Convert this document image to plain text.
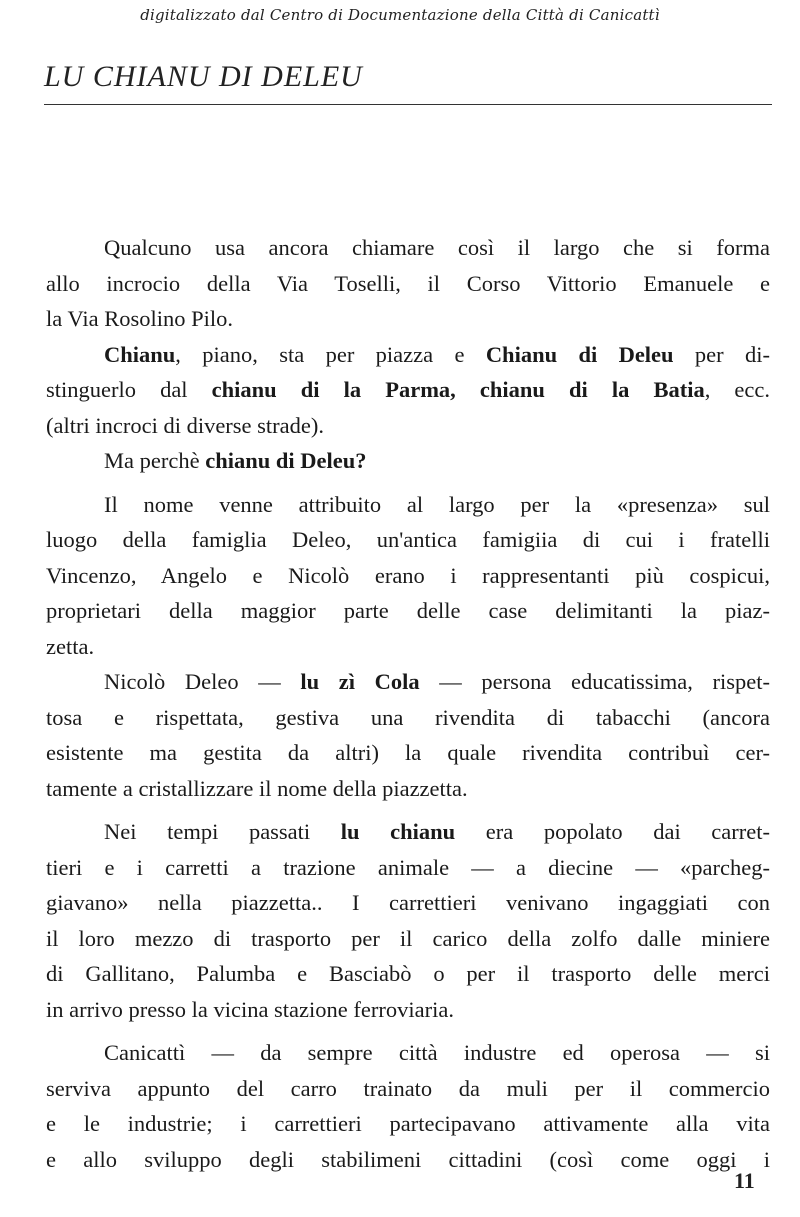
digitalizzato dal Centro di Documentazione della Città di Canicattì
LU CHIANU DI DELEU
Qualcuno usa ancora chiamare così il largo che si forma
allo incrocio della Via Toselli, il Corso Vittorio Emanuele e
la Via Rosolino Pilo.
Chianu, piano, sta per piazza e Chianu di Deleu per di-
stinguerlo dal chianu di la Parma, chianu di la Batia, ecc.
(altri incroci di diverse strade).
Ma perchè chianu di Deleu?
Il nome venne attribuito al largo per la «presenza» sul
luogo della famiglia Deleo, un'antica famigiia di cui i fratelli
Vincenzo, Angelo e Nicolò erano i rappresentanti più cospicui,
proprietari della maggior parte delle case delimitanti la piaz-
zetta.
Nicolò Deleo — lu zì Cola — persona educatissima, rispet-
tosa e rispettata, gestiva una rivendita di tabacchi (ancora
esistente ma gestita da altri) la quale rivendita contribuì cer-
tamente a cristallizzare il nome della piazzetta.
Nei tempi passati lu chianu era popolato dai carret-
tieri e i carretti a trazione animale — a diecine — «parcheg-
giavano» nella piazzetta.. I carrettieri venivano ingaggiati con
il loro mezzo di trasporto per il carico della zolfo dalle miniere
di Gallitano, Palumba e Basciabò o per il trasporto delle merci
in arrivo presso la vicina stazione ferroviaria.
Canicattì — da sempre città industre ed operosa — si
serviva appunto del carro trainato da muli per il commercio
e le industrie; i carrettieri partecipavano attivamente alla vita
e allo sviluppo degli stabilimeni cittadini (così come oggi i
11
